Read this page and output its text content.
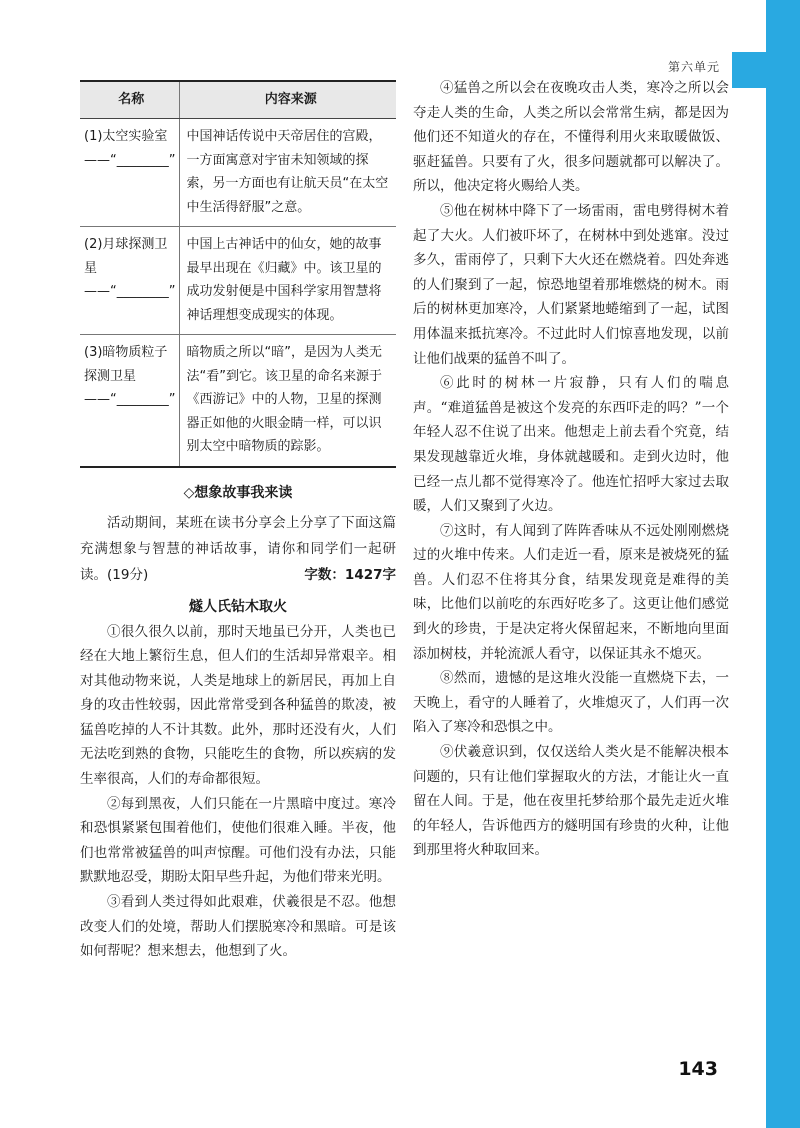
第六单元
名称	内容来源
(1)太空实验室——“________”	中国神话传说中天帝居住的宫殿，一方面寓意对宇宙未知领域的探索，另一方面也有让航天员“在太空中生活得舒服”之意。
(2)月球探测卫星——“________”	中国上古神话中的仙女，她的故事最早出现在《归藏》中。该卫星的成功发射便是中国科学家用智慧将神话理想变成现实的体现。
(3)暗物质粒子探测卫星——“________”	暗物质之所以“暗”，是因为人类无法“看”到它。该卫星的命名来源于《西游记》中的人物，卫星的探测器正如他的火眼金睛一样，可以识别太空中暗物质的踪影。
◇想象故事我来读

活动期间，某班在读书分享会上分享了下面这篇充满想象与智慧的神话故事，请你和同学们一起研读。(19分)	字数：1427字

燧人氏钻木取火

①很久很久以前，那时天地虽已分开，人类也已经在大地上繁衍生息，但人们的生活却异常艰辛。相对其他动物来说，人类是地球上的新居民，再加上自身的攻击性较弱，因此常常受到各种猛兽的欺凌，被猛兽吃掉的人不计其数。此外，那时还没有火，人们无法吃到熟的食物，只能吃生的食物，所以疾病的发生率很高，人们的寿命都很短。

②每到黑夜，人们只能在一片黑暗中度过。寒冷和恐惧紧紧包围着他们，使他们很难入睡。半夜，他们也常常被猛兽的叫声惊醒。可他们没有办法，只能默默地忍受，期盼太阳早些升起，为他们带来光明。

③看到人类过得如此艰难，伏羲很是不忍。他想改变人们的处境，帮助人们摆脱寒冷和黑暗。可是该如何帮呢？想来想去，他想到了火。

④猛兽之所以会在夜晚攻击人类，寒冷之所以会夺走人类的生命，人类之所以会常常生病，都是因为他们还不知道火的存在，不懂得利用火来取暖做饭、驱赶猛兽。只要有了火，很多问题就都可以解决了。所以，他决定将火赐给人类。

⑤他在树林中降下了一场雷雨，雷电劈得树木着起了大火。人们被吓坏了，在树林中到处逃窜。没过多久，雷雨停了，只剩下大火还在燃烧着。四处奔逃的人们聚到了一起，惊恐地望着那堆燃烧的树木。雨后的树林更加寒冷，人们紧紧地蜷缩到了一起，试图用体温来抵抗寒冷。不过此时人们惊喜地发现，以前让他们战栗的猛兽不叫了。

⑥此时的树林一片寂静，只有人们的喘息声。“难道猛兽是被这个发亮的东西吓走的吗？”一个年轻人忍不住说了出来。他想走上前去看个究竟，结果发现越靠近火堆，身体就越暖和。走到火边时，他已经一点儿都不觉得寒冷了。他连忙招呼大家过去取暖，人们又聚到了火边。

⑦这时，有人闻到了阵阵香味从不远处刚刚燃烧过的火堆中传来。人们走近一看，原来是被烧死的猛兽。人们忍不住将其分食，结果发现竟是难得的美味，比他们以前吃的东西好吃多了。这更让他们感觉到火的珍贵，于是决定将火保留起来，不断地向里面添加树枝，并轮流派人看守，以保证其永不熄灭。

⑧然而，遗憾的是这堆火没能一直燃烧下去，一天晚上，看守的人睡着了，火堆熄灭了，人们再一次陷入了寒冷和恐惧之中。

⑨伏羲意识到，仅仅送给人类火是不能解决根本问题的，只有让他们掌握取火的方法，才能让火一直留在人间。于是，他在夜里托梦给那个最先走近火堆的年轻人，告诉他西方的燧明国有珍贵的火种，让他到那里将火种取回来。

143
